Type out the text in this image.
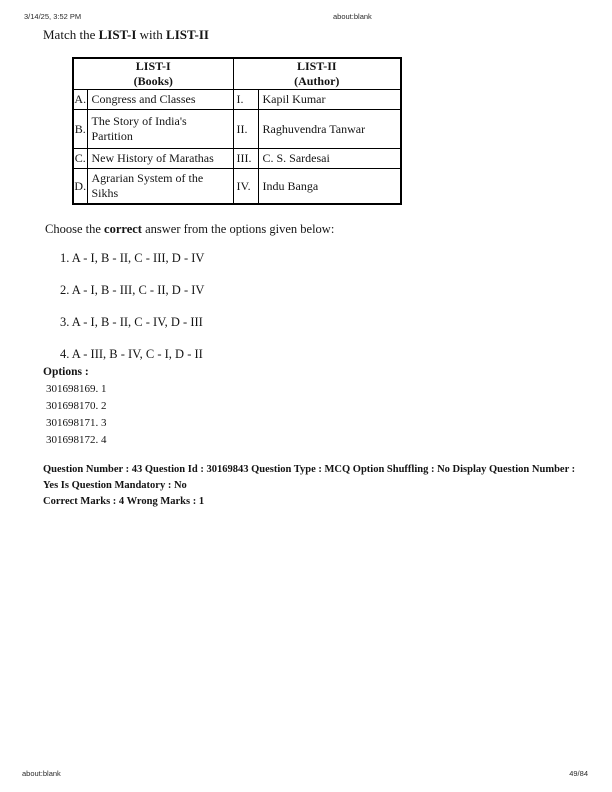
3/14/25, 3:52 PM	about:blank
Match the LIST-I with LIST-II
LIST-I
(Books)

LIST-II
(Author)

A.	Congress and Classes	I.	Kapil Kumar
B.	The Story of India's Partition	II.	Raghuvendra Tanwar
C.	New History of Marathas	III.	C. S. Sardesai
D.	Agrarian System of the Sikhs	IV.	Indu Banga

Choose the correct answer from the options given below:

1. A - I, B - II, C - III, D - IV

2. A - I, B - III, C - II, D - IV

3. A - I, B - II, C - IV, D - III

4. A - III, B - IV, C - I, D - II

Options :

301698169. 1

301698170. 2

301698171. 3

301698172. 4

Question Number : 43 Question Id : 30169843 Question Type : MCQ Option Shuffling : No Display Question Number : Yes Is Question Mandatory : No

Correct Marks : 4 Wrong Marks : 1

about:blank	49/84
